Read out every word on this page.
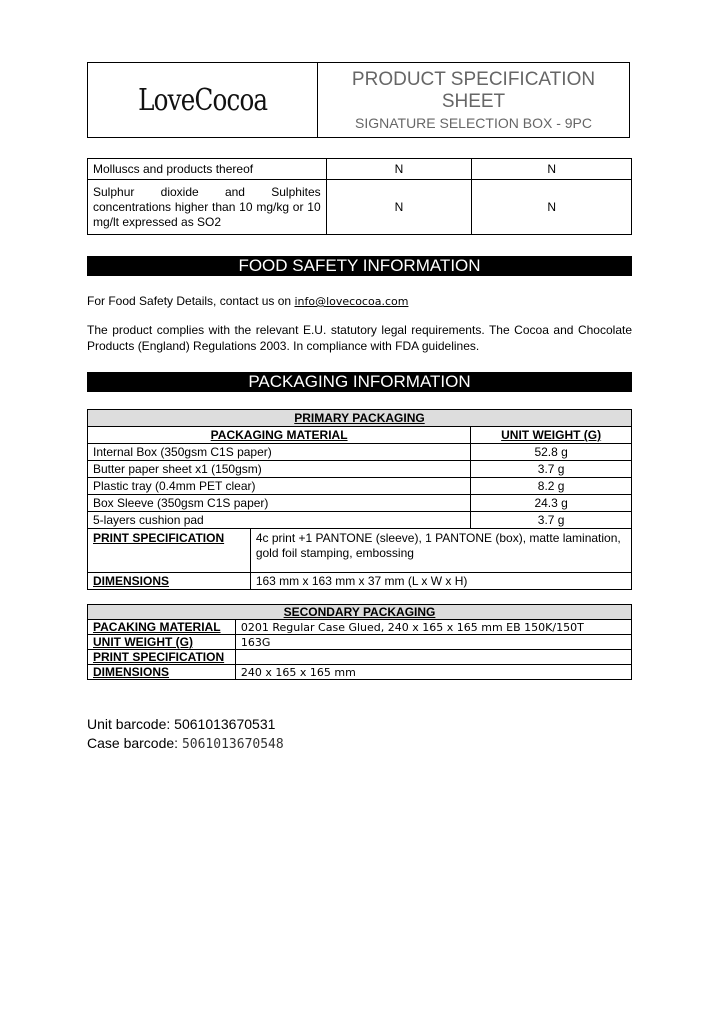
LoveCocoa
PRODUCT SPECIFICATION SHEET
SIGNATURE SELECTION BOX - 9PC
Molluscs and products thereof	N	N
Sulphur dioxide and Sulphites concentrations higher than 10 mg/kg or 10 mg/lt expressed as SO2	N	N
FOOD SAFETY INFORMATION
For Food Safety Details, contact us on info@lovecocoa.com
The product complies with the relevant E.U. statutory legal requirements. The Cocoa and Chocolate Products (England) Regulations 2003. In compliance with FDA guidelines.
PACKAGING INFORMATION
PRIMARY PACKAGING		
PACKAGING MATERIAL		UNIT WEIGHT (G)
Internal Box (350gsm C1S paper)		52.8 g
Butter paper sheet x1 (150gsm)		3.7 g
Plastic tray (0.4mm PET clear)		8.2 g
Box Sleeve (350gsm C1S paper)		24.3 g
5-layers cushion pad		3.7 g
PRINT SPECIFICATION	4c print +1 PANTONE (sleeve), 1 PANTONE (box), matte lamination, gold foil stamping, embossing	
DIMENSIONS	163 mm x 163 mm x 37 mm (L x W x H)	
SECONDARY PACKAGING	
PACAKING MATERIAL	0201 Regular Case Glued, 240 x 165 x 165 mm EB 150K/150T
UNIT WEIGHT (G)	163G
PRINT SPECIFICATION	
DIMENSIONS	240 x 165 x 165 mm
Unit barcode: 5061013670531
Case barcode: 5061013670548
